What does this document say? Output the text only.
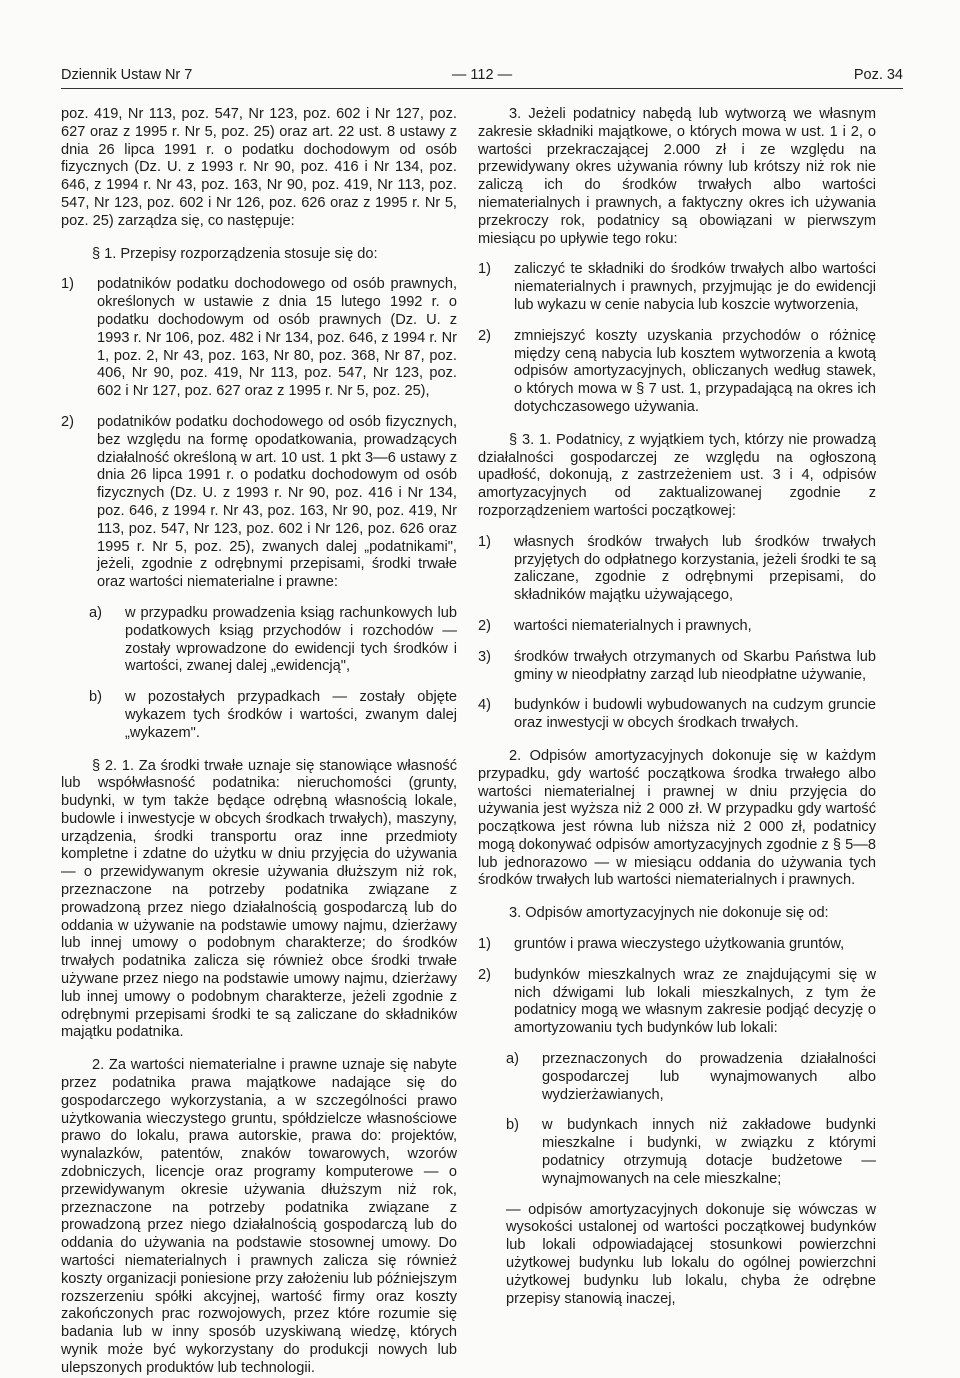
Dziennik Ustaw Nr 7	— 112 —	Poz. 34

poz. 419, Nr 113, poz. 547, Nr 123, poz. 602 i Nr 127, poz. 627 oraz z 1995 r. Nr 5, poz. 25) oraz art. 22 ust. 8 ustawy z dnia 26 lipca 1991 r. o podatku dochodowym od osób fizycznych (Dz. U. z 1993 r. Nr 90, poz. 416 i Nr 134, poz. 646, z 1994 r. Nr 43, poz. 163, Nr 90, poz. 419, Nr 113, poz. 547, Nr 123, poz. 602 i Nr 126, poz. 626 oraz z 1995 r. Nr 5, poz. 25) zarządza się, co następuje:

§ 1. Przepisy rozporządzenia stosuje się do:

1) podatników podatku dochodowego od osób prawnych, określonych w ustawie z dnia 15 lutego 1992 r. o podatku dochodowym od osób prawnych (Dz. U. z 1993 r. Nr 106, poz. 482 i Nr 134, poz. 646, z 1994 r. Nr 1, poz. 2, Nr 43, poz. 163, Nr 80, poz. 368, Nr 87, poz. 406, Nr 90, poz. 419, Nr 113, poz. 547, Nr 123, poz. 602 i Nr 127, poz. 627 oraz z 1995 r. Nr 5, poz. 25),

2) podatników podatku dochodowego od osób fizycznych, bez względu na formę opodatkowania, prowadzących działalność określoną w art. 10 ust. 1 pkt 3—6 ustawy z dnia 26 lipca 1991 r. o podatku dochodowym od osób fizycznych (Dz. U. z 1993 r. Nr 90, poz. 416 i Nr 134, poz. 646, z 1994 r. Nr 43, poz. 163, Nr 90, poz. 419, Nr 113, poz. 547, Nr 123, poz. 602 i Nr 126, poz. 626 oraz 1995 r. Nr 5, poz. 25), zwanych dalej „podatnikami", jeżeli, zgodnie z odrębnymi przepisami, środki trwałe oraz wartości niematerialne i prawne:

a) w przypadku prowadzenia ksiąg rachunkowych lub podatkowych ksiąg przychodów i rozchodów — zostały wprowadzone do ewidencji tych środków i wartości, zwanej dalej „ewidencją",

b) w pozostałych przypadkach — zostały objęte wykazem tych środków i wartości, zwanym dalej „wykazem".

§ 2. 1. Za środki trwałe uznaje się stanowiące własność lub współwłasność podatnika: nieruchomości (grunty, budynki, w tym także będące odrębną własnością lokale, budowle i inwestycje w obcych środkach trwałych), maszyny, urządzenia, środki transportu oraz inne przedmioty kompletne i zdatne do użytku w dniu przyjęcia do używania — o przewidywanym okresie używania dłuższym niż rok, przeznaczone na potrzeby podatnika związane z prowadzoną przez niego działalnością gospodarczą lub do oddania w używanie na podstawie umowy najmu, dzierżawy lub innej umowy o podobnym charakterze; do środków trwałych podatnika zalicza się również obce środki trwałe używane przez niego na podstawie umowy najmu, dzierżawy lub innej umowy o podobnym charakterze, jeżeli zgodnie z odrębnymi przepisami środki te są zaliczane do składników majątku podatnika.

2. Za wartości niematerialne i prawne uznaje się nabyte przez podatnika prawa majątkowe nadające się do gospodarczego wykorzystania, a w szczególności prawo użytkowania wieczystego gruntu, spółdzielcze własnościowe prawo do lokalu, prawa autorskie, prawa do: projektów, wynalazków, patentów, znaków towarowych, wzorów zdobniczych, licencje oraz programy komputerowe — o przewidywanym okresie używania dłuższym niż rok, przeznaczone na potrzeby podatnika związane z prowadzoną przez niego działalnością gospodarczą lub do oddania do używania na podstawie stosownej umowy. Do wartości niematerialnych i prawnych zalicza się również koszty organizacji poniesione przy założeniu lub późniejszym rozszerzeniu spółki akcyjnej, wartość firmy oraz koszty zakończonych prac rozwojowych, przez które rozumie się badania lub w inny sposób uzyskiwaną wiedzę, których wynik może być wykorzystany do produkcji nowych lub ulepszonych produktów lub technologii.

3. Jeżeli podatnicy nabędą lub wytworzą we własnym zakresie składniki majątkowe, o których mowa w ust. 1 i 2, o wartości przekraczającej 2.000 zł i ze względu na przewidywany okres używania równy lub krótszy niż rok nie zaliczą ich do środków trwałych albo wartości niematerialnych i prawnych, a faktyczny okres ich używania przekroczy rok, podatnicy są obowiązani w pierwszym miesiącu po upływie tego roku:

1) zaliczyć te składniki do środków trwałych albo wartości niematerialnych i prawnych, przyjmując je do ewidencji lub wykazu w cenie nabycia lub koszcie wytworzenia,

2) zmniejszyć koszty uzyskania przychodów o różnicę między ceną nabycia lub kosztem wytworzenia a kwotą odpisów amortyzacyjnych, obliczanych według stawek, o których mowa w § 7 ust. 1, przypadającą na okres ich dotychczasowego używania.

§ 3. 1. Podatnicy, z wyjątkiem tych, którzy nie prowadzą działalności gospodarczej ze względu na ogłoszoną upadłość, dokonują, z zastrzeżeniem ust. 3 i 4, odpisów amortyzacyjnych od zaktualizowanej zgodnie z rozporządzeniem wartości początkowej:

1) własnych środków trwałych lub środków trwałych przyjętych do odpłatnego korzystania, jeżeli środki te są zaliczane, zgodnie z odrębnymi przepisami, do składników majątku używającego,

2) wartości niematerialnych i prawnych,

3) środków trwałych otrzymanych od Skarbu Państwa lub gminy w nieodpłatny zarząd lub nieodpłatne używanie,

4) budynków i budowli wybudowanych na cudzym gruncie oraz inwestycji w obcych środkach trwałych.

2. Odpisów amortyzacyjnych dokonuje się w każdym przypadku, gdy wartość początkowa środka trwałego albo wartości niematerialnej i prawnej w dniu przyjęcia do używania jest wyższa niż 2 000 zł. W przypadku gdy wartość początkowa jest równa lub niższa niż 2 000 zł, podatnicy mogą dokonywać odpisów amortyzacyjnych zgodnie z § 5—8 lub jednorazowo — w miesiącu oddania do używania tych środków trwałych lub wartości niematerialnych i prawnych.

3. Odpisów amortyzacyjnych nie dokonuje się od:

1) gruntów i prawa wieczystego użytkowania gruntów,

2) budynków mieszkalnych wraz ze znajdującymi się w nich dźwigami lub lokali mieszkalnych, z tym że podatnicy mogą we własnym zakresie podjąć decyzję o amortyzowaniu tych budynków lub lokali:

a) przeznaczonych do prowadzenia działalności gospodarczej lub wynajmowanych albo wydzierżawianych,

b) w budynkach innych niż zakładowe budynki mieszkalne i budynki, w związku z którymi podatnicy otrzymują dotacje budżetowe — wynajmowanych na cele mieszkalne;

— odpisów amortyzacyjnych dokonuje się wówczas w wysokości ustalonej od wartości początkowej budynków lub lokali odpowiadającej stosunkowi powierzchni użytkowej budynku lub lokalu do ogólnej powierzchni użytkowej budynku lub lokalu, chyba że odrębne przepisy stanowią inaczej,
